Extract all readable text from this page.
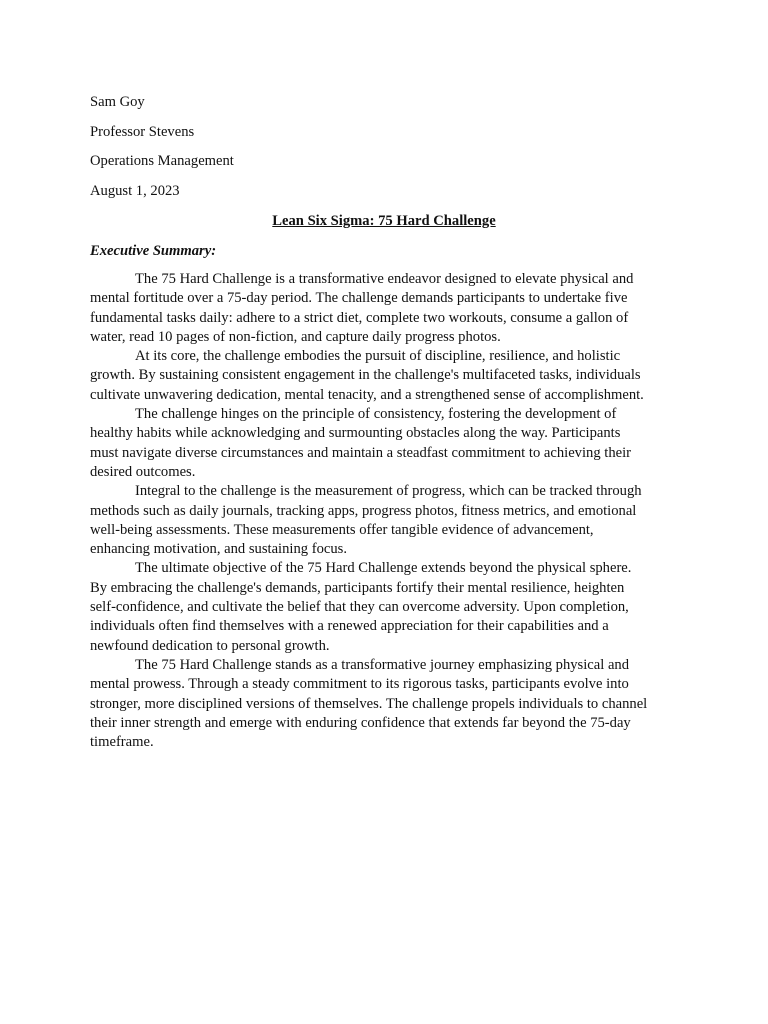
Sam Goy

Professor Stevens

Operations Management

August 1, 2023

Lean Six Sigma: 75 Hard Challenge

Executive Summary:

The 75 Hard Challenge is a transformative endeavor designed to elevate physical and mental fortitude over a 75-day period. The challenge demands participants to undertake five fundamental tasks daily: adhere to a strict diet, complete two workouts, consume a gallon of water, read 10 pages of non-fiction, and capture daily progress photos.

At its core, the challenge embodies the pursuit of discipline, resilience, and holistic growth. By sustaining consistent engagement in the challenge's multifaceted tasks, individuals cultivate unwavering dedication, mental tenacity, and a strengthened sense of accomplishment.

The challenge hinges on the principle of consistency, fostering the development of healthy habits while acknowledging and surmounting obstacles along the way. Participants must navigate diverse circumstances and maintain a steadfast commitment to achieving their desired outcomes.

Integral to the challenge is the measurement of progress, which can be tracked through methods such as daily journals, tracking apps, progress photos, fitness metrics, and emotional well-being assessments. These measurements offer tangible evidence of advancement, enhancing motivation, and sustaining focus.

The ultimate objective of the 75 Hard Challenge extends beyond the physical sphere. By embracing the challenge's demands, participants fortify their mental resilience, heighten self-confidence, and cultivate the belief that they can overcome adversity. Upon completion, individuals often find themselves with a renewed appreciation for their capabilities and a newfound dedication to personal growth.

The 75 Hard Challenge stands as a transformative journey emphasizing physical and mental prowess. Through a steady commitment to its rigorous tasks, participants evolve into stronger, more disciplined versions of themselves. The challenge propels individuals to channel their inner strength and emerge with enduring confidence that extends far beyond the 75-day timeframe.
